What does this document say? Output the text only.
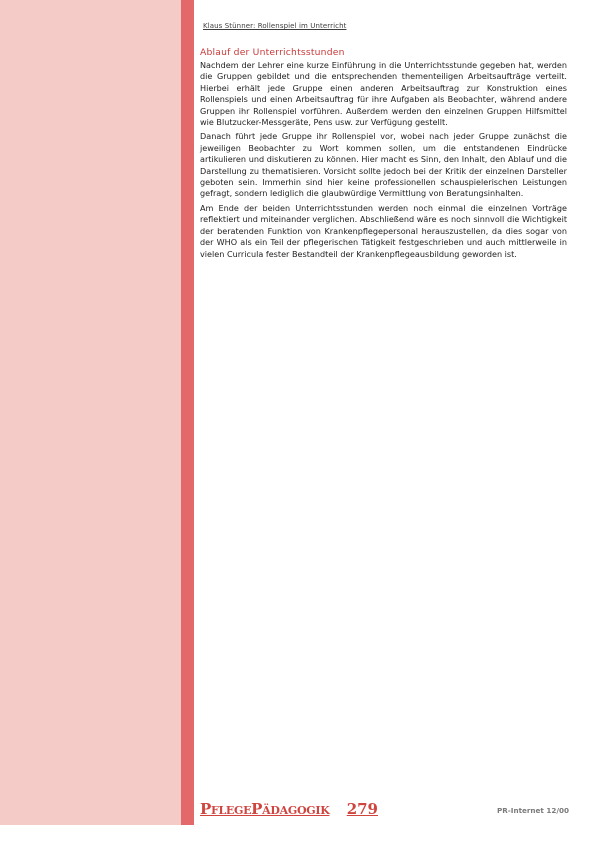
Klaus Stünner: Rollenspiel im Unterricht
Ablauf der Unterrichtsstunden

Nachdem der Lehrer eine kurze Einführung in die Unterrichtsstunde gegeben hat, werden die Gruppen gebildet und die entsprechenden thementeiligen Arbeitsaufträge verteilt. Hierbei erhält jede Gruppe einen anderen Arbeitsauftrag zur Konstruktion eines Rollenspiels und einen Arbeitsauftrag für ihre Aufgaben als Beobachter, während andere Gruppen ihr Rollenspiel vorführen. Außerdem werden den einzelnen Gruppen Hilfsmittel wie Blutzucker-Messgeräte, Pens usw. zur Verfügung gestellt.

Danach führt jede Gruppe ihr Rollenspiel vor, wobei nach jeder Gruppe zunächst die jeweiligen Beobachter zu Wort kommen sollen, um die entstandenen Eindrücke artikulieren und diskutieren zu können. Hier macht es Sinn, den Inhalt, den Ablauf und die Darstellung zu thematisieren. Vorsicht sollte jedoch bei der Kritik der einzelnen Darsteller geboten sein. Immerhin sind hier keine professionellen schauspielerischen Leistungen gefragt, sondern lediglich die glaubwürdige Vermittlung von Beratungsinhalten.

Am Ende der beiden Unterrichtsstunden werden noch einmal die einzelnen Vorträge reflektiert und miteinander verglichen. Abschließend wäre es noch sinnvoll die Wichtigkeit der beratenden Funktion von Krankenpflegepersonal herauszustellen, da dies sogar von der WHO als ein Teil der pflegerischen Tätigkeit festgeschrieben und auch mittlerweile in vielen Curricula fester Bestandteil der Krankenpflegeausbildung geworden ist.

PflegePädagogik 279	PR-Internet 12/00
